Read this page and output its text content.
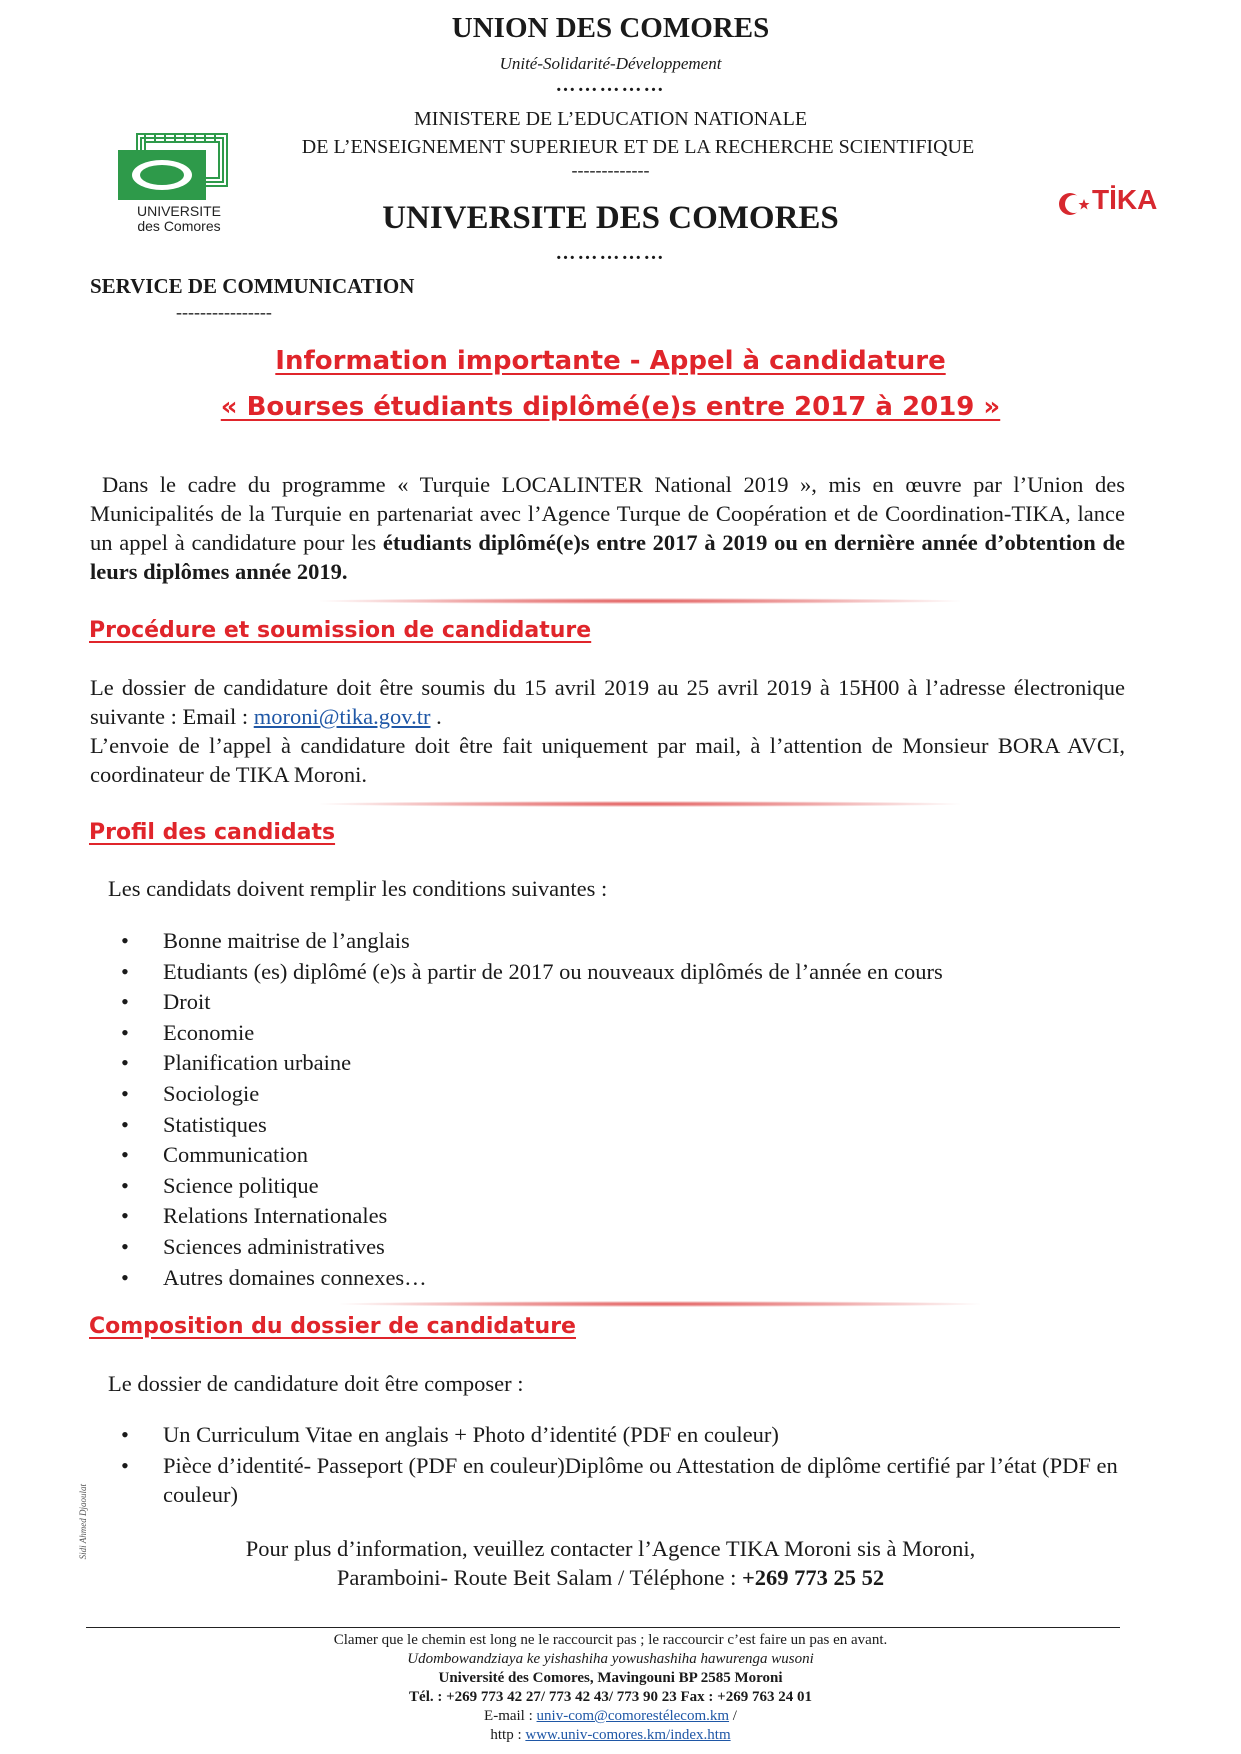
UNION DES COMORES
Unité-Solidarité-Développement
……………
MINISTERE DE L’EDUCATION NATIONALE
DE L’ENSEIGNEMENT SUPERIEUR ET DE LA RECHERCHE SCIENTIFIQUE
-------------
UNIVERSITE DES COMORES
……………
SERVICE DE COMMUNICATION
----------------
UNIVERSITE
des Comores
TİKA
Information importante - Appel à candidature
« Bourses étudiants diplômé(e)s entre 2017 à 2019 »
Dans le cadre du programme « Turquie LOCALINTER National 2019 », mis en œuvre par l’Union des Municipalités de la Turquie en partenariat avec l’Agence Turque de Coopération et de Coordination-TIKA, lance un appel à candidature pour les étudiants diplômé(e)s entre 2017 à 2019 ou en dernière année d’obtention de leurs diplômes année 2019.
Procédure et soumission de candidature
Le dossier de candidature doit être soumis du 15 avril 2019 au 25 avril 2019 à 15H00 à l’adresse électronique suivante : Email : moroni@tika.gov.tr .
L’envoie de l’appel à candidature doit être fait uniquement par mail, à l’attention de Monsieur BORA AVCI, coordinateur de TIKA Moroni.
Profil des candidats
Les candidats doivent remplir les conditions suivantes :
• Bonne maitrise de l’anglais
• Etudiants (es) diplômé (e)s à partir de 2017 ou nouveaux diplômés de l’année en cours
• Droit
• Economie
• Planification urbaine
• Sociologie
• Statistiques
• Communication
• Science politique
• Relations Internationales
• Sciences administratives
• Autres domaines connexes…
Composition du dossier de candidature
Le dossier de candidature doit être composer :
• Un Curriculum Vitae en anglais + Photo d’identité (PDF en couleur)
• Pièce d’identité- Passeport (PDF en couleur)Diplôme ou Attestation de diplôme certifié par l’état (PDF en couleur)
Pour plus d’information, veuillez contacter l’Agence TIKA Moroni sis à Moroni,
Paramboini- Route Beit Salam / Téléphone : +269 773 25 52
Sidi Ahmed Djaoulat
Clamer que le chemin est long ne le raccourcit pas ; le raccourcir c’est faire un pas en avant.
Udombowandziaya ke yishashiha yowushashiha hawurenga wusoni
Université des Comores, Mavingouni BP 2585 Moroni
Tél. : +269 773 42 27/ 773 42 43/ 773 90 23 Fax : +269 763 24 01
E-mail : univ-com@comorestélecom.km /
http : www.univ-comores.km/index.htm
